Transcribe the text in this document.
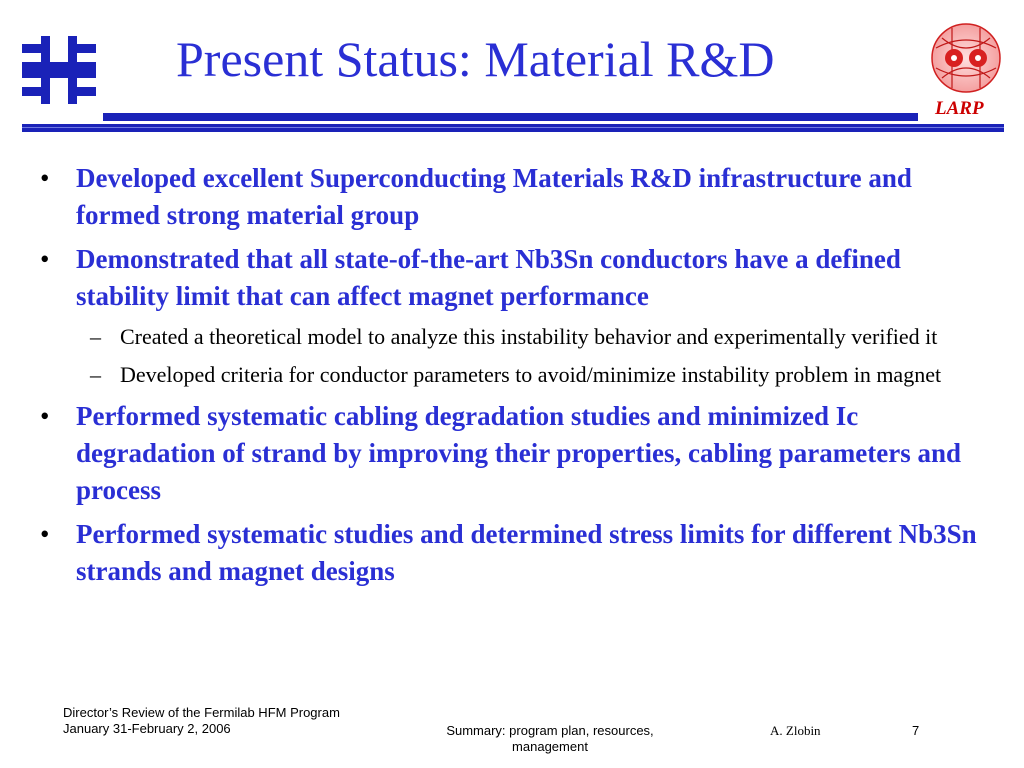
Present Status: Material R&D
LARP
• Developed excellent Superconducting Materials R&D infrastructure and formed strong material group
• Demonstrated that all state-of-the-art Nb3Sn conductors have a defined stability limit that can affect magnet performance
– Created a theoretical model to analyze this instability behavior and experimentally verified it
– Developed criteria for conductor parameters to avoid/minimize instability problem in magnet
• Performed systematic cabling degradation studies and minimized Ic degradation of strand by improving their properties, cabling parameters and process
• Performed systematic studies and determined stress limits for different Nb3Sn strands and magnet designs
Director’s Review of the Fermilab HFM Program
January 31-February 2, 2006	Summary: program plan, resources,
management
A. Zlobin	7
